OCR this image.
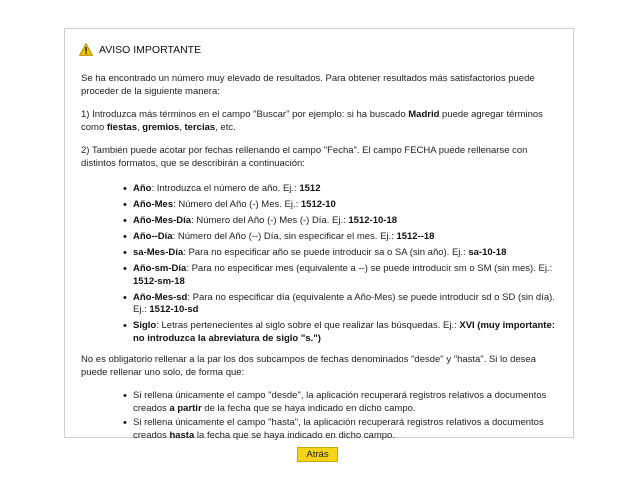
AVISO IMPORTANTE

Se ha encontrado un número muy elevado de resultados. Para obtener resultados más satisfactorios puede proceder de la siguiente manera:

1) Introduzca más términos en el campo "Buscar" por ejemplo: si ha buscado Madrid puede agregar términos como fiestas, gremios, tercias, etc.

2) También puede acotar por fechas rellenando el campo "Fecha". El campo FECHA puede rellenarse con distintos formatos, que se describirán a continuación:

• Año: Introduzca el número de año. Ej.: 1512
• Año-Mes: Número del Año (-) Mes. Ej.: 1512-10
• Año-Mes-Día: Número del Año (-) Mes (-) Día. Ej.: 1512-10-18
• Año--Día: Número del Año (--) Día, sin especificar el mes. Ej.: 1512--18
• sa-Mes-Día: Para no especificar año se puede introducir sa o SA (sin año). Ej.: sa-10-18
• Año-sm-Día: Para no especificar mes (equivalente a --) se puede introducir sm o SM (sin mes). Ej.: 1512-sm-18
• Año-Mes-sd: Para no especificar día (equivalente a Año-Mes) se puede introducir sd o SD (sin día). Ej.: 1512-10-sd
• Siglo: Letras pertenecientes al siglo sobre el que realizar las búsquedas. Ej.: XVI (muy importante: no introduzca la abreviatura de siglo "s.")

No es obligatorio rellenar a la par los dos subcampos de fechas denominados "desde" y "hasta". Si lo desea puede rellenar uno solo, de forma que:

• Si rellena únicamente el campo "desde", la aplicación recuperará registros relativos a documentos creados a partir de la fecha que se haya indicado en dicho campo.
• Si rellena únicamente el campo "hasta", la aplicación recuperará registros relativos a documentos creados hasta la fecha que se haya indicado en dicho campo.
Atrás
